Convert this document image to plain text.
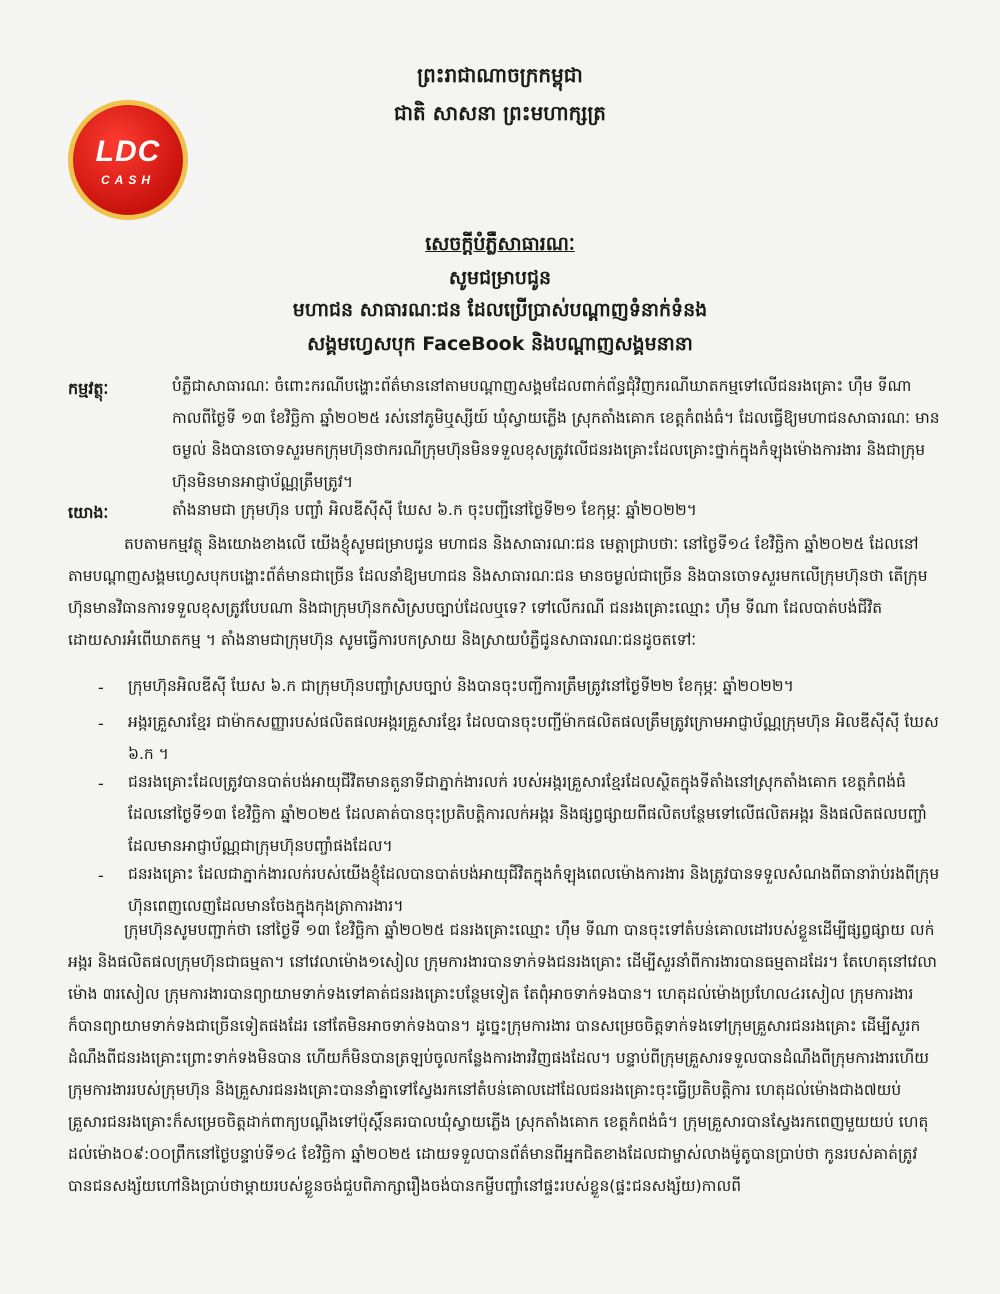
ព្រះរាជាណាចក្រកម្ពុជា
ជាតិ សាសនា ព្រះមហាក្សត្រ
LDC
CASH
សេចក្តីបំភ្លឺសាធារណៈ
សូមជម្រាបជូន
មហាជន សាធារណៈជន ដែលប្រើប្រាស់បណ្តាញទំនាក់ទំនង
សង្គមហ្វេសបុក FaceBook និងបណ្តាញសង្គមនានា
កម្មវត្ថុៈ	បំភ្លឺជាសាធារណៈ ចំពោះករណីបង្ហោះព័ត៌មាននៅតាមបណ្តាញសង្គមដែលពាក់ព័ន្ធជុំវិញករណីឃាតកម្មទៅលើជនរងគ្រោះ ហ៊ឹម ទីណា កាលពីថ្ងៃទី ១៣ ខែវិច្ឆិកា ឆ្នាំ២០២៥ រស់នៅភូមិឬស្សីយ៍ ឃុំស្វាយភ្លើង ស្រុកតាំងគោក ខេត្តកំពង់ធំ។ ដែលធ្វើឱ្យមហាជនសាធារណៈ មានចម្ងល់ និងបានចោទសួរមកក្រុមហ៊ុនថាករណីក្រុមហ៊ុនមិនទទួលខុសត្រូវលើជនរងគ្រោះដែលគ្រោះថ្នាក់ក្នុងកំឡុងម៉ោងការងារ និងជាក្រុមហ៊ុនមិនមានអាជ្ញាប័ណ្ណត្រឹមត្រូវ។
យោងៈ	តាំងនាមជា ក្រុមហ៊ុន បញ្ចាំ អិលឌីស៊ីស៊ី ឃែស ៦.ក ចុះបញ្ជីនៅថ្ងៃទី២១ ខែកុម្ភៈ ឆ្នាំ២០២២។
តបតាមកម្មវត្ថុ និងយោងខាងលើ យើងខ្ញុំសូមជម្រាបជូន មហាជន និងសាធារណៈជន មេត្តាជ្រាបថាៈ នៅថ្ងៃទី១៤ ខែវិច្ឆិកា ឆ្នាំ២០២៥ ដែលនៅតាមបណ្តាញសង្គមហ្វេសបុកបង្ហោះព័ត៌មានជាច្រើន ដែលនាំឱ្យមហាជន និងសាធារណៈជន មានចម្ងល់ជាច្រើន និងបានចោទសួរមកលើក្រុមហ៊ុនថា តើក្រុមហ៊ុនមានវិធានការទទួលខុសត្រូវបែបណា និងជាក្រុមហ៊ុនកសិស្របច្បាប់ដែលឬទេ? ទៅលើករណី ជនរងគ្រោះឈ្មោះ ហ៊ឹម ទីណា ដែលបាត់បង់ជីវិតដោយសារអំពើឃាតកម្ម ។ តាំងនាមជាក្រុមហ៊ុន សូមធ្វើការបកស្រាយ និងស្រាយបំភ្លឺជូនសាធារណៈជនដូចតទៅៈ
- ក្រុមហ៊ុនអិលឌីស៊ី ឃែស ៦.ក ជាក្រុមហ៊ុនបញ្ចាំស្របច្បាប់ និងបានចុះបញ្ជីការត្រឹមត្រូវនៅថ្ងៃទី២២ ខែកុម្ភៈ ឆ្នាំ២០២២។
- អង្ករគ្រួសារខ្មែរ ជាម៉ាកសញ្ញារបស់ផលិតផលអង្ករគ្រួសារខ្មែរ ដែលបានចុះបញ្ជីម៉ាកផលិតផលត្រឹមត្រូវក្រោមអាជ្ញាប័ណ្ណក្រុមហ៊ុន អិលឌីស៊ីស៊ី ឃែស ៦.ក ។
- ជនរងគ្រោះដែលត្រូវបានបាត់បង់អាយុជីវិតមានតួនាទីជាភ្នាក់ងារលក់ របស់អង្ករគ្រួសារខ្មែរដែលស្ថិតក្នុងទីតាំងនៅស្រុកតាំងគោក ខេត្តកំពង់ធំ ដែលនៅថ្ងៃទី១៣ ខែវិច្ឆិកា ឆ្នាំ២០២៥ ដែលគាត់បានចុះប្រតិបត្តិការលក់អង្ករ និងផ្សព្វផ្សាយពីផលិតបន្ថែមទៅលើផលិតអង្ករ និងផលិតផលបញ្ចាំ ដែលមានអាជ្ញាប័ណ្ណជាក្រុមហ៊ុនបញ្ចាំផងដែល។
- ជនរងគ្រោះ ដែលជាភ្នាក់ងារលក់របស់យើងខ្ញុំដែលបានបាត់បង់អាយុជីវិតក្នុងកំឡុងពេលម៉ោងការងារ និងត្រូវបានទទួលសំណងពីធានារ៉ាប់រងពីក្រុមហ៊ុនពេញលេញដែលមានចែងក្នុងកុងត្រាការងារ។
ក្រុមហ៊ុនសូមបញ្ជាក់ថា នៅថ្ងៃទី ១៣ ខែវិច្ឆិកា ឆ្នាំ២០២៥ ជនរងគ្រោះឈ្មោះ ហ៊ឹម ទីណា បានចុះទៅតំបន់គោលដៅរបស់ខ្លួនដើម្បីផ្សព្វផ្សាយ លក់អង្ករ និងផលិតផលក្រុមហ៊ុនជាធម្មតា។ នៅវេលាម៉ោង១សៀល ក្រុមការងារបានទាក់ទងជនរងគ្រោះ ដើម្បីសួរនាំពីការងារបានធម្មតាដដែរ។ តែហេតុនៅវេលាម៉ោង ៣រសៀល ក្រុមការងារបានព្យាយាមទាក់ទងទៅគាត់ជនរងគ្រោះបន្ថែមទៀត តែពុំអាចទាក់ទងបាន។ ហេតុដល់ម៉ោងប្រហែល៤រសៀល ក្រុមការងារក៏បានព្យាយាមទាក់ទងជាច្រើនទៀតផងដែរ នៅតែមិនអាចទាក់ទងបាន។ ដូច្នេះក្រុមការងារ បានសម្រេចចិត្តទាក់ទងទៅក្រុមគ្រួសារជនរងគ្រោះ ដើម្បីសួរកដំណឹងពីជនរងគ្រោះព្រោះទាក់ទងមិនបាន ហើយក៏មិនបានត្រឡប់ចូលកន្លែងការងារវិញផងដែល។ បន្ទាប់ពីក្រុមគ្រួសារទទួលបានដំណឹងពីក្រុមការងារហើយ ក្រុមការងាររបស់ក្រុមហ៊ុន និងគ្រួសារជនរងគ្រោះបាននាំគ្នាទៅស្វែងរកនៅតំបន់គោលដៅដែលជនរងគ្រោះចុះធ្វើប្រតិបត្តិការ ហេតុដល់ម៉ោងជាង៧យប់ គ្រួសារជនរងគ្រោះក៏សម្រេចចិត្តដាក់ពាក្យបណ្តឹងទៅប៉ុស្តិ៍នគរបាលឃុំស្វាយភ្លើង ស្រុកតាំងគោក ខេត្តកំពង់ធំ។ ក្រុមគ្រួសារបានស្វែងរកពេញមួយយប់ ហេតុដល់ម៉ោង០៩:០០ព្រឹកនៅថ្ងៃបន្ទាប់ទី១៤ ខែវិច្ឆិកា ឆ្នាំ២០២៥ ដោយទទួលបានព័ត៌មានពីអ្នកជិតខាងដែលជាម្ចាស់លាងម៉ូតូបានប្រាប់ថា កូនរបស់គាត់ត្រូវបានជនសង្ស័យហៅនិងប្រាប់ថាម្តាយរបស់ខ្លួនចង់ជួបពិភាក្សារឿងចង់បានកម្ចីបញ្ចាំនៅផ្ទះរបស់ខ្លួន(ផ្ទះជនសង្ស័យ)កាលពី
